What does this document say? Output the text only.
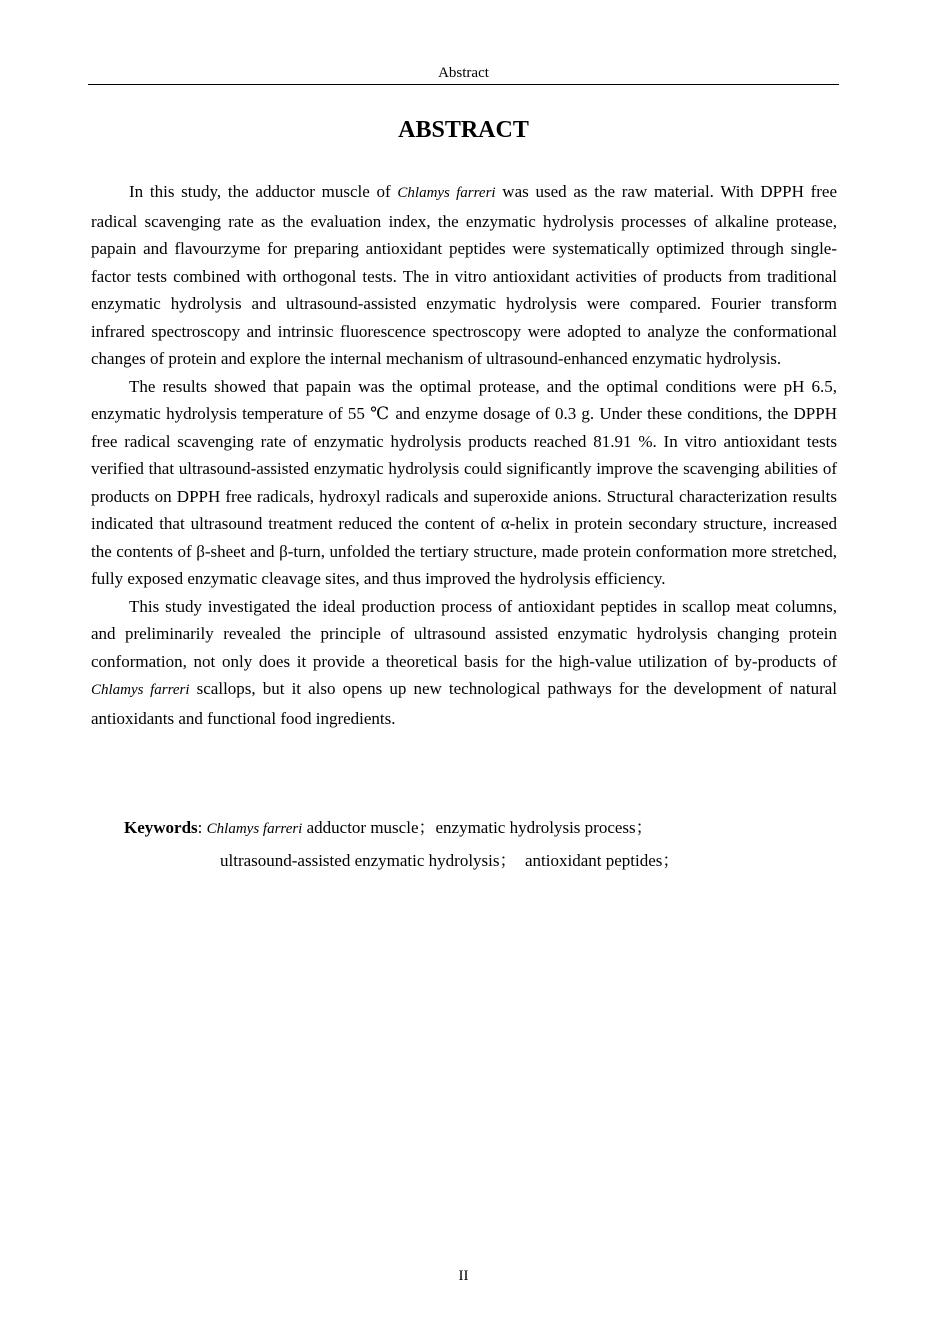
Abstract
ABSTRACT

In this study, the adductor muscle of Chlamys farreri was used as the raw material. With DPPH free radical scavenging rate as the evaluation index, the enzymatic hydrolysis processes of alkaline protease, papain and flavourzyme for preparing antioxidant peptides were systematically optimized through single-factor tests combined with orthogonal tests. The in vitro antioxidant activities of products from traditional enzymatic hydrolysis and ultrasound-assisted enzymatic hydrolysis were compared. Fourier transform infrared spectroscopy and intrinsic fluorescence spectroscopy were adopted to analyze the conformational changes of protein and explore the internal mechanism of ultrasound-enhanced enzymatic hydrolysis.

The results showed that papain was the optimal protease, and the optimal conditions were pH 6.5, enzymatic hydrolysis temperature of 55 ℃ and enzyme dosage of 0.3 g. Under these conditions, the DPPH free radical scavenging rate of enzymatic hydrolysis products reached 81.91 %. In vitro antioxidant tests verified that ultrasound-assisted enzymatic hydrolysis could significantly improve the scavenging abilities of products on DPPH free radicals, hydroxyl radicals and superoxide anions. Structural characterization results indicated that ultrasound treatment reduced the content of α-helix in protein secondary structure, increased the contents of β-sheet and β-turn, unfolded the tertiary structure, made protein conformation more stretched, fully exposed enzymatic cleavage sites, and thus improved the hydrolysis efficiency.

This study investigated the ideal production process of antioxidant peptides in scallop meat columns, and preliminarily revealed the principle of ultrasound assisted enzymatic hydrolysis changing protein conformation, not only does it provide a theoretical basis for the high-value utilization of by-products of Chlamys farreri scallops, but it also opens up new technological pathways for the development of natural antioxidants and functional food ingredients.

Keywords: Chlamys farreri adductor muscle；enzymatic hydrolysis process；
ultrasound-assisted enzymatic hydrolysis；  antioxidant peptides；
II
